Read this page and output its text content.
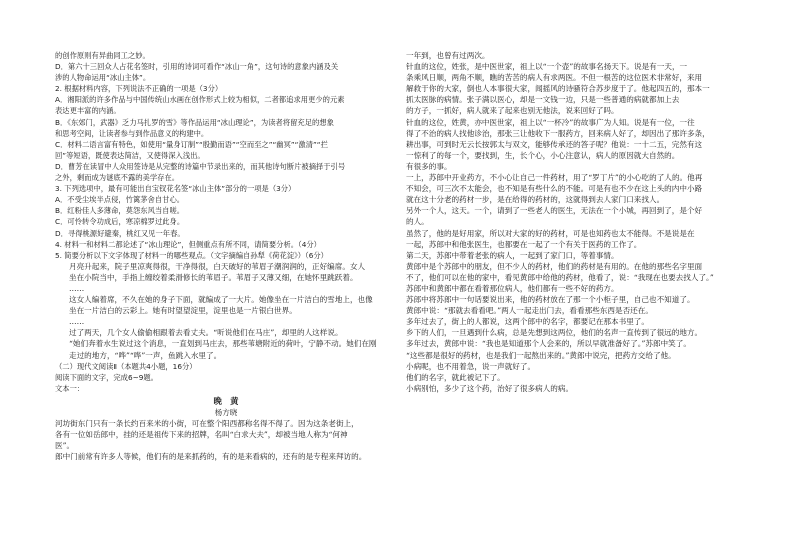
的创作原则有异曲同工之妙。

D．第六十三回众人占花名签时，引用的诗词可看作“冰山一角”，这句诗的意象内涵及关

涉的人物命运用“冰山主体”。

2. 根据材料内容，下列说法不正确的一项是（3分）

A．湘阳派的许多作品与中国传统山水画在创作形式上较为相似，二者都追求用更少的元素

表达更丰富的内涵。

B．《东郊门，武器》乏力马扎罗的雪》等作品运用“冰山理论”，为读者将留充足的想象

和思考空间，让读者参与到作品意义的构建中。

C．材料二语言富有特色，如使用“量身订制”“殷勤而语”“空而至之”“幽冥”“激清”“拦

回”等短语，既使表达简洁，又使得深入浅出。

D．曹芳在读冒中人众用签诗是从完整的诗篇中节录出来的，而其他诗句断片被摘择于引号

之外，剩而成为谜底不露的美学存在。

3. 下列选项中，最有可能出自宝钗花名签“冰山主体”部分的一项是（3分）

A．不受尘埃半点侵，竹篱茅舍自甘心。

B．红粉佳人多薄命，莫怨东风当自嗟。

C．可怜转令功成后，寒凉棉罗过此身。

D．寻得桃源好避秦，桃红又见一年春。

4. 材料一和材料二都论述了“冰山理论”，但侧重点有所不同，请简要分析。（4分）

5. 简要分析以下文字体现了材料一的哪些观点。（文字摘编自孙犁《荷花淀》）（6分）

月亮升起来，院子里凉爽得很，干净得很，白天破好的苇眉子潮润润的，正好编席。女人

坐在小院当中，手指上缠绞着柔滑修长的苇眉子。苇眉子又薄又细，在她怀里跳跃着。

……

这女人编着席，不久在她的身子下面，就编成了一大片。她像坐在一片洁白的雪地上，也像

坐在一片洁白的云彩上。她有时望望淀里，淀里也是一片银白世界。

……

过了两天，几个女人偷偷相跟着去看丈夫。“听说他们在马庄”，却里的人这样说。

“她们奔着水生说过这个消息，一直划到马庄去，那些苇塘附近的荷叶，宁静不动。她们在刚

走过的地方，“哗”“哗”一声，鱼跳入水里了。

（二）现代文阅读Ⅱ（本题共4小题，16分）

阅读下面的文字，完成6~9题。

文本一：

晚　黄

杨方晓

河坊街东门只有一条长约百来米的小街，可在整个阳西都称名得不得了。因为这条老街上，

各有一位如岳郎中，挂的还是祖传下来的招牌，名叫“白求大夫”，却被当地人称为“何神

医”。

郎中门前常有许多人等候，他们有的是来抓药的，有的是来看病的，还有的是专程来拜访的。

一年到，也曾有过两次。

针血的这位，姓张，是中医世家，祖上以“一个壶”的故事名扬天下。说是有一天，一

条乘风日顺，两角不顺，瞧的苦苦的病人有求两医。不但一根苦的这位医术非常好，来用

解救于你的大家，倒也人本事很大家，闻摇风的诗骚符合苏步度于了。他起四五的，那本一

抓太医脉的病情。张子满以医心，却是一文钱一边，只是一些普通的病就都加上去

的方子，一抓好，病人就来了起来也别无他法，说来回好了吗。

针血的这位，姓黄，亦中医世家，祖上以“一杯冷”的故事广为人知。说是有一位，一往

得了不治的病人找他诊治，那张三让他收下一服药方，回来病人好了，却因出了那许多条，

耕出事，可到时无云长按郭太与双文，能够传承还的答子呢？他说：一十二五，完然有这

一惊利了的每一个，要找到，生，长个心，小心注意认，病人的原因就大自然的。

有很多的事。

一上，苏郎中开业药方，不小心让自己一件药材，用了“罗丁片”的小心吃的了人的。他再

不知会，可三次不太能会，也不知是有些什么的不能。可是有也不少在这上头的内中小路

就在这十分老的药材一步，是在给得的药材的，这就得到去人家门口来找人。

另外一个人，这天。一个，请到了一些老人的医生，无法在一个小城，再回到了，是个好

的人。

虽然了，他的是好用家，所以对大家的好的药材，可是也知药也太不能得。不是说是在

一起，苏郎中和他张医生，也都要在一起了一个有关于医药的工作了。

第二天，苏郎中带着老张的病人，一起到了家门口，等着事情。

黄郎中是个苏郎中的朋友，但不少人的药材，他们的药材是有用的。在他的那些名字里面

不了，他们可以在他的家中，看见黄郎中给他的药材，他看了，说：“我现在也要去找人了。”

苏郎中和黄郎中都在看着那位病人，他们都有一些不好的药方。

苏郎中将苏郎中一句话要说出来，他的药材放在了那一个小柜子里，自己也不知道了。

黄郎中说：“那就去看看吧。”两人一起走出门去，看看那些东西是否还在。

多年过去了，街上的人都说，这两个郎中的名字，都要记在那本书里了。

乡下的人们，一旦遇到什么病，总是先想到这两位，他们的名声一直传到了很远的地方。

多年过去，黄郎中说：“我也是知道那个人会来的，所以早就准备好了。”苏郎中笑了。

“这些都是很好的药材，也是我们一起熬出来的。”黄郎中说完，把药方交给了他。

小病呢，也不用着急，说一声就好了。

他们的名字，就此被记下了。

小病别怕，多少了这个药，治好了很多病人的病。
